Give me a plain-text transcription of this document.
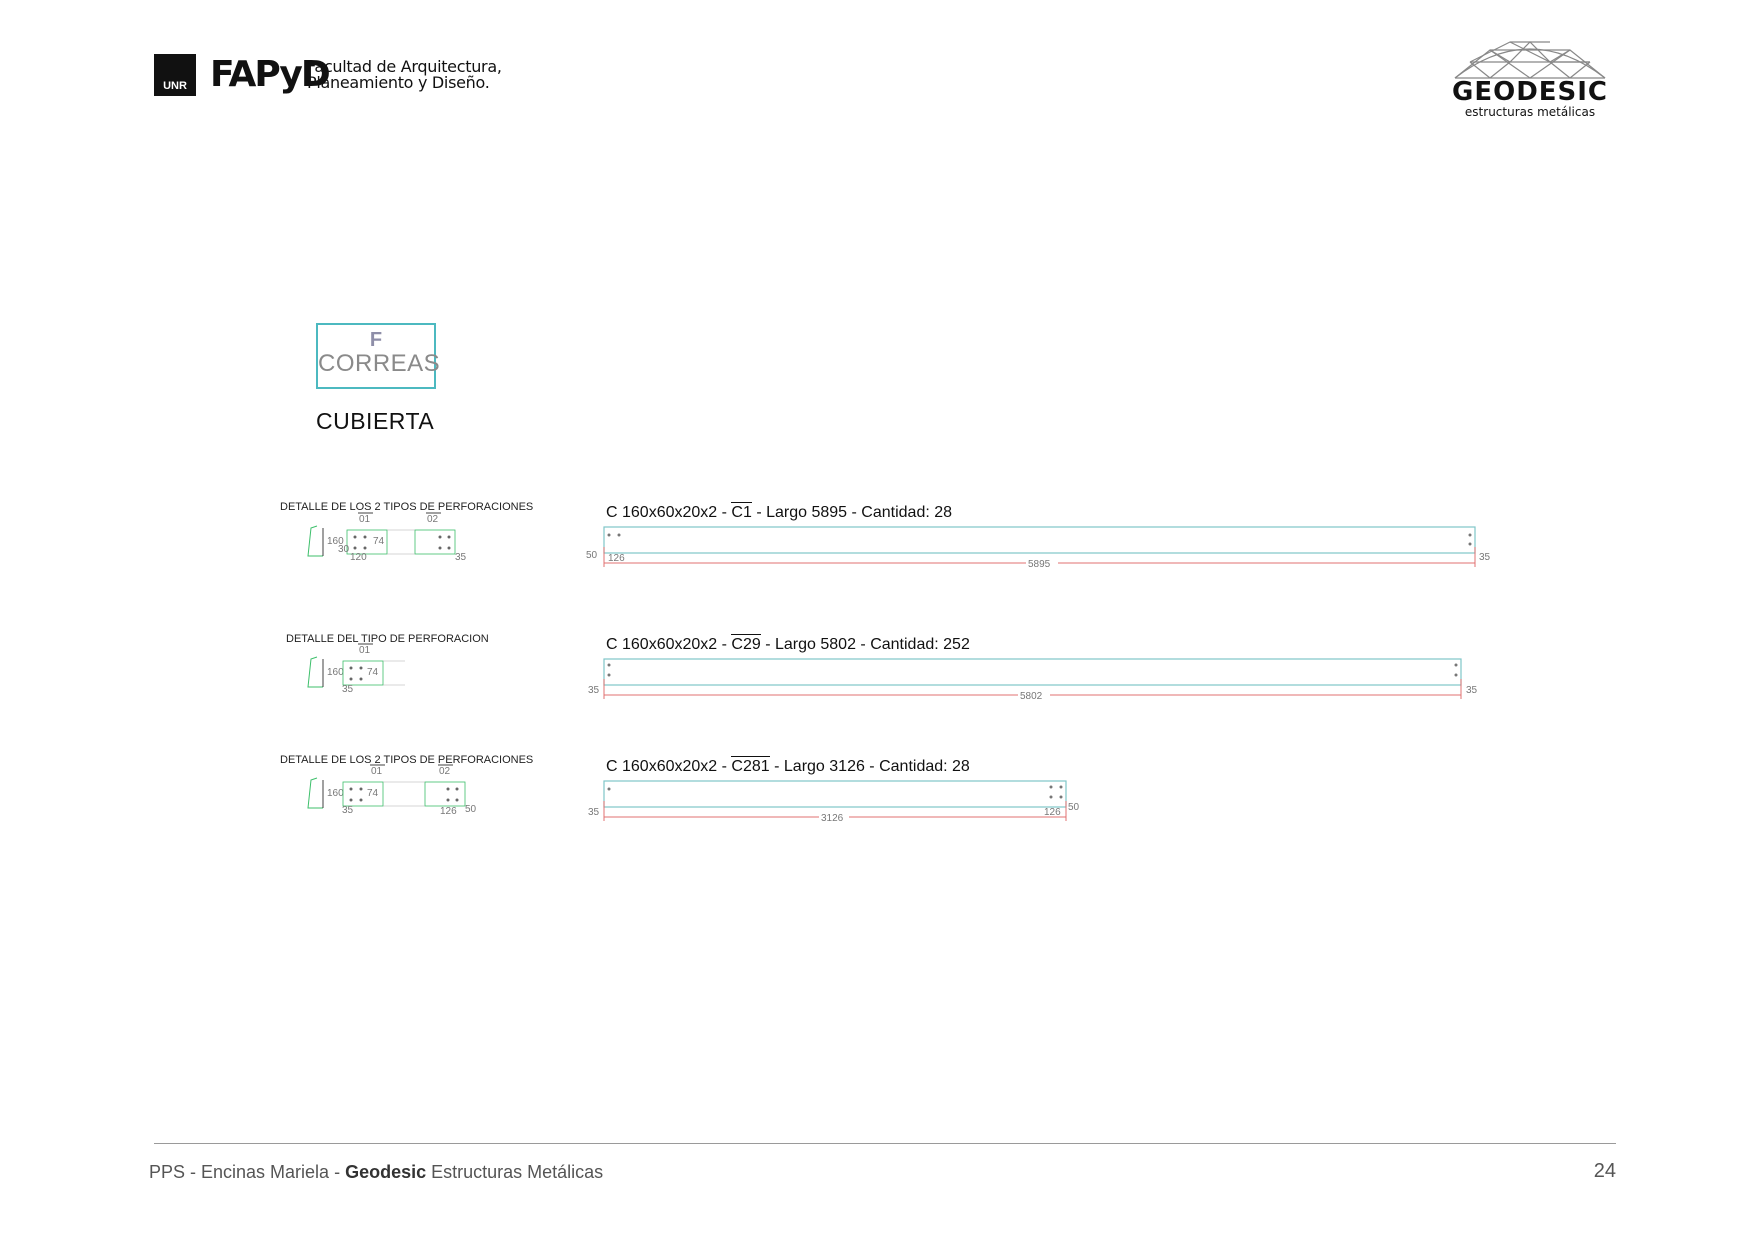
UNR FAPyD
Facultad de Arquitectura,
Planeamiento y Diseño.	GEODESIC
estructuras metálicas
F
CORREAS
CUBIERTA
DETALLE DE LOS 2 TIPOS DE PERFORACIONES
01	02
160
30
120
74
35
C 160x60x20x2 - C1 - Largo 5895 - Cantidad: 28
50 126	35
5895
DETALLE DEL TIPO DE PERFORACION
01
160
35
74
C 160x60x20x2 - C29 - Largo 5802 - Cantidad: 252
35	35
5802
DETALLE DE LOS 2 TIPOS DE PERFORACIONES
01	02
160
35
74
126 50
C 160x60x20x2 - C281 - Largo 3126 - Cantidad: 28
35	126 50
3126
PPS - Encinas Mariela - Geodesic Estructuras Metálicas	24
